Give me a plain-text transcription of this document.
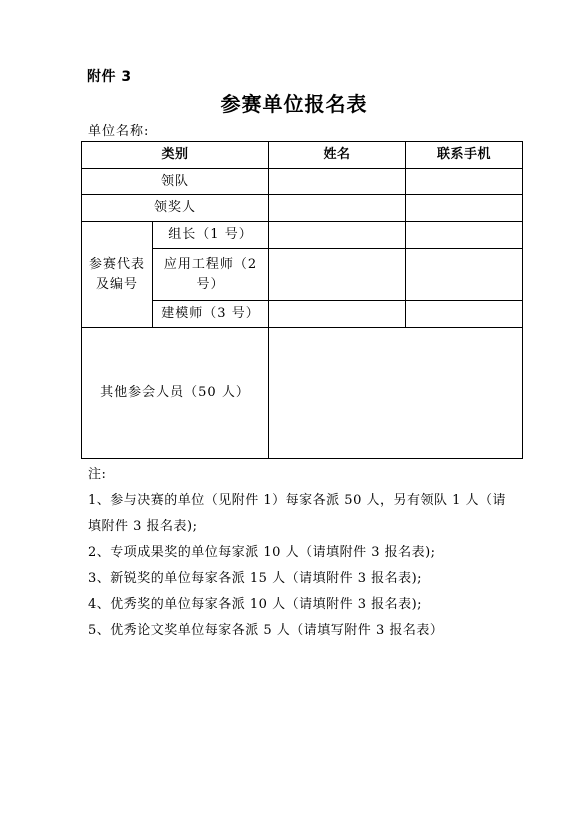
附件 3
参赛单位报名表
单位名称:
类别		姓名	联系手机
领队			
领奖人			
参赛代表及编号	组长（1 号）		
	应用工程师（2 号）		
	建模师（3 号）		
其他参会人员（50 人）			

注:

1、参与决赛的单位（见附件 1）每家各派 50 人，另有领队 1 人（请填附件 3 报名表);

2、专项成果奖的单位每家派 10 人（请填附件 3 报名表);

3、新锐奖的单位每家各派 15 人（请填附件 3 报名表);

4、优秀奖的单位每家各派 10 人（请填附件 3 报名表);

5、优秀论文奖单位每家各派 5 人（请填写附件 3 报名表）
